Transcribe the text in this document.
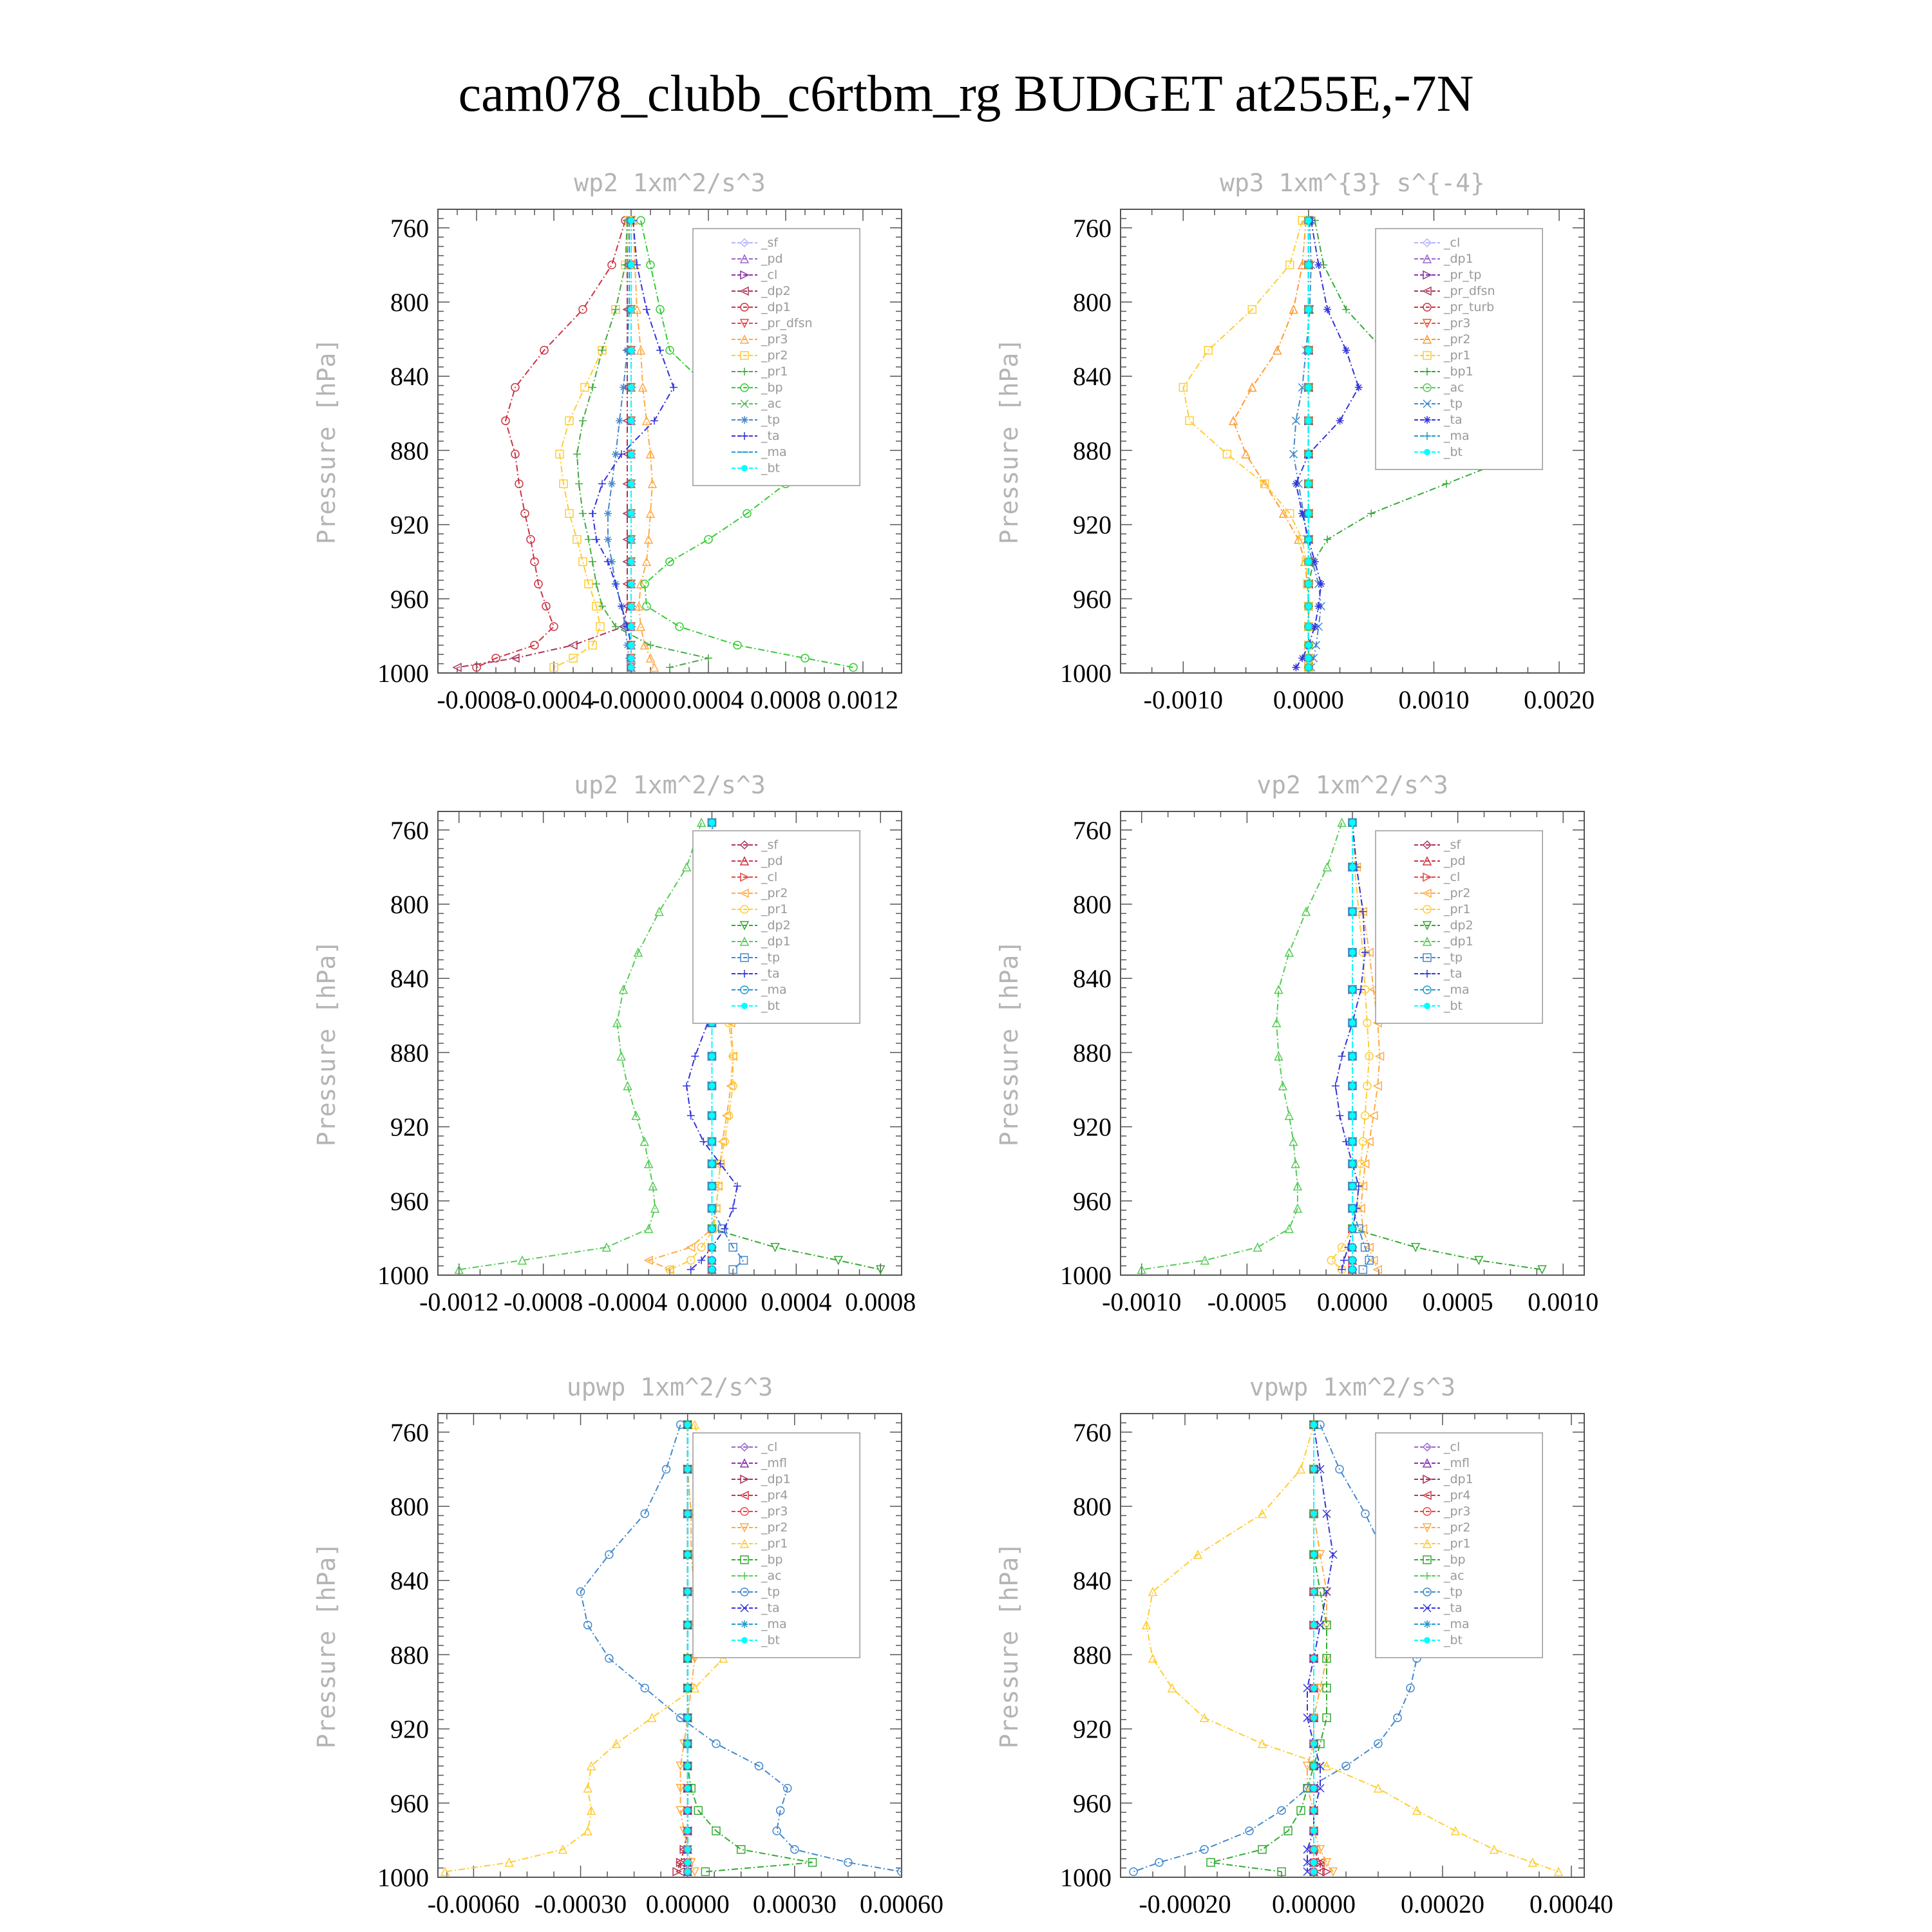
cam078_clubb_c6rtbm_rg BUDGET at255E,-7N
wp2 1xm^2/s^3
Pressure [hPa]
760
800
840
880
920
960
1000
-0.0008
-0.0004
-0.0000 0.0004 0.0008 0.0012
_sf
_pd
_cl
_dp2
_dp1
_pr_dfsn
_pr3
_pr2
_pr1
_bp
_ac
_tp
_ta
_ma
_bt
wp3 1xm^{3} s^{-4}
Pressure [hPa]
760
800
840
880
920
960
1000
-0.0010 0.0000 0.0010 0.0020
_cl
_dp1
_pr_tp
_pr_dfsn
_pr_turb
_pr3
_pr2
_pr1
_bp1
_ac
_tp
_ta
_ma
_bt
up2 1xm^2/s^3
Pressure [hPa]
760
800
840
880
920
960
1000
-0.0012 -0.0008 -0.0004 0.0000 0.0004 0.0008
_sf
_pd
_cl
_pr2
_pr1
_dp2
_dp1
_tp
_ta
_ma
_bt
vp2 1xm^2/s^3
Pressure [hPa]
760
800
840
880
920
960
1000
-0.0010 -0.0005 0.0000 0.0005 0.0010
_sf
_pd
_cl
_pr2
_pr1
_dp2
_dp1
_tp
_ta
_ma
_bt
upwp 1xm^2/s^3
Pressure [hPa]
760
800
840
880
920
960
1000
-0.00060 -0.00030 0.00000 0.00030 0.00060
_cl
_mfl
_dp1
_pr4
_pr3
_pr2
_pr1
_bp
_ac
_tp
_ta
_ma
_bt
vpwp 1xm^2/s^3
Pressure [hPa]
760
800
840
880
920
960
1000
-0.00020 0.00000 0.00020 0.00040
_cl
_mfl
_dp1
_pr4
_pr3
_pr2
_pr1
_bp
_ac
_tp
_ta
_ma
_bt
